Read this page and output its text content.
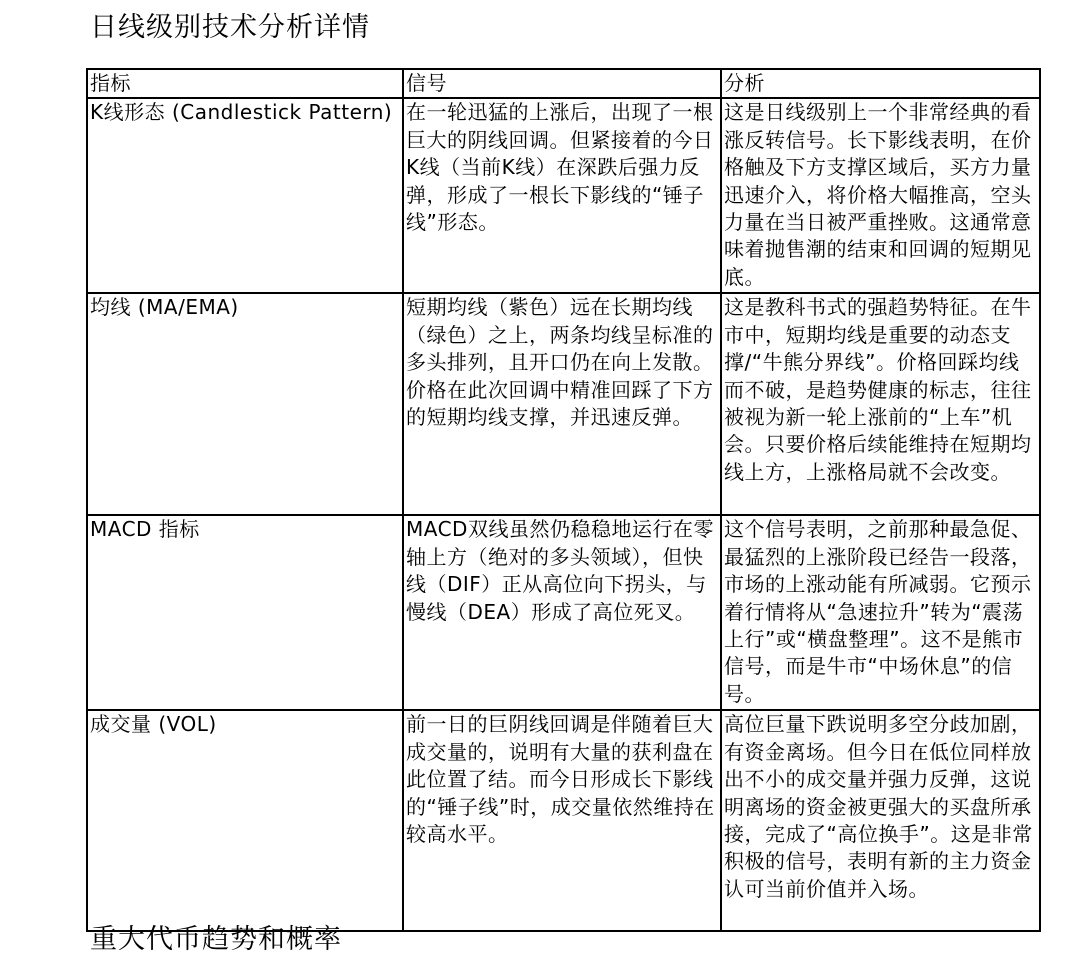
日线级别技术分析详情
指标	信号	分析
K线形态 (Candlestick Pattern)	在一轮迅猛的上涨后，出现了一根巨大的阴线回调。但紧接着的今日K线（当前K线）在深跌后强力反弹，形成了一根长下影线的“锤子线”形态。	这是日线级别上一个非常经典的看涨反转信号。长下影线表明，在价格触及下方支撑区域后，买方力量迅速介入，将价格大幅推高，空头力量在当日被严重挫败。这通常意味着抛售潮的结束和回调的短期见底。
均线 (MA/EMA)	短期均线（紫色）远在长期均线（绿色）之上，两条均线呈标准的多头排列，且开口仍在向上发散。价格在此次回调中精准回踩了下方的短期均线支撑，并迅速反弹。	这是教科书式的强趋势特征。在牛市中，短期均线是重要的动态支撑/“牛熊分界线”。价格回踩均线而不破，是趋势健康的标志，往往被视为新一轮上涨前的“上车”机会。只要价格后续能维持在短期均线上方，上涨格局就不会改变。
MACD 指标	MACD双线虽然仍稳稳地运行在零轴上方（绝对的多头领域），但快线（DIF）正从高位向下拐头，与慢线（DEA）形成了高位死叉。	这个信号表明，之前那种最急促、最猛烈的上涨阶段已经告一段落，市场的上涨动能有所减弱。它预示着行情将从“急速拉升”转为“震荡上行”或“横盘整理”。这不是熊市信号，而是牛市“中场休息”的信号。
成交量 (VOL)	前一日的巨阴线回调是伴随着巨大成交量的，说明有大量的获利盘在此位置了结。而今日形成长下影线的“锤子线”时，成交量依然维持在较高水平。	高位巨量下跌说明多空分歧加剧，有资金离场。但今日在低位同样放出不小的成交量并强力反弹，这说明离场的资金被更强大的买盘所承接，完成了“高位换手”。这是非常积极的信号，表明有新的主力资金认可当前价值并入场。
重大代币趋势和概率
